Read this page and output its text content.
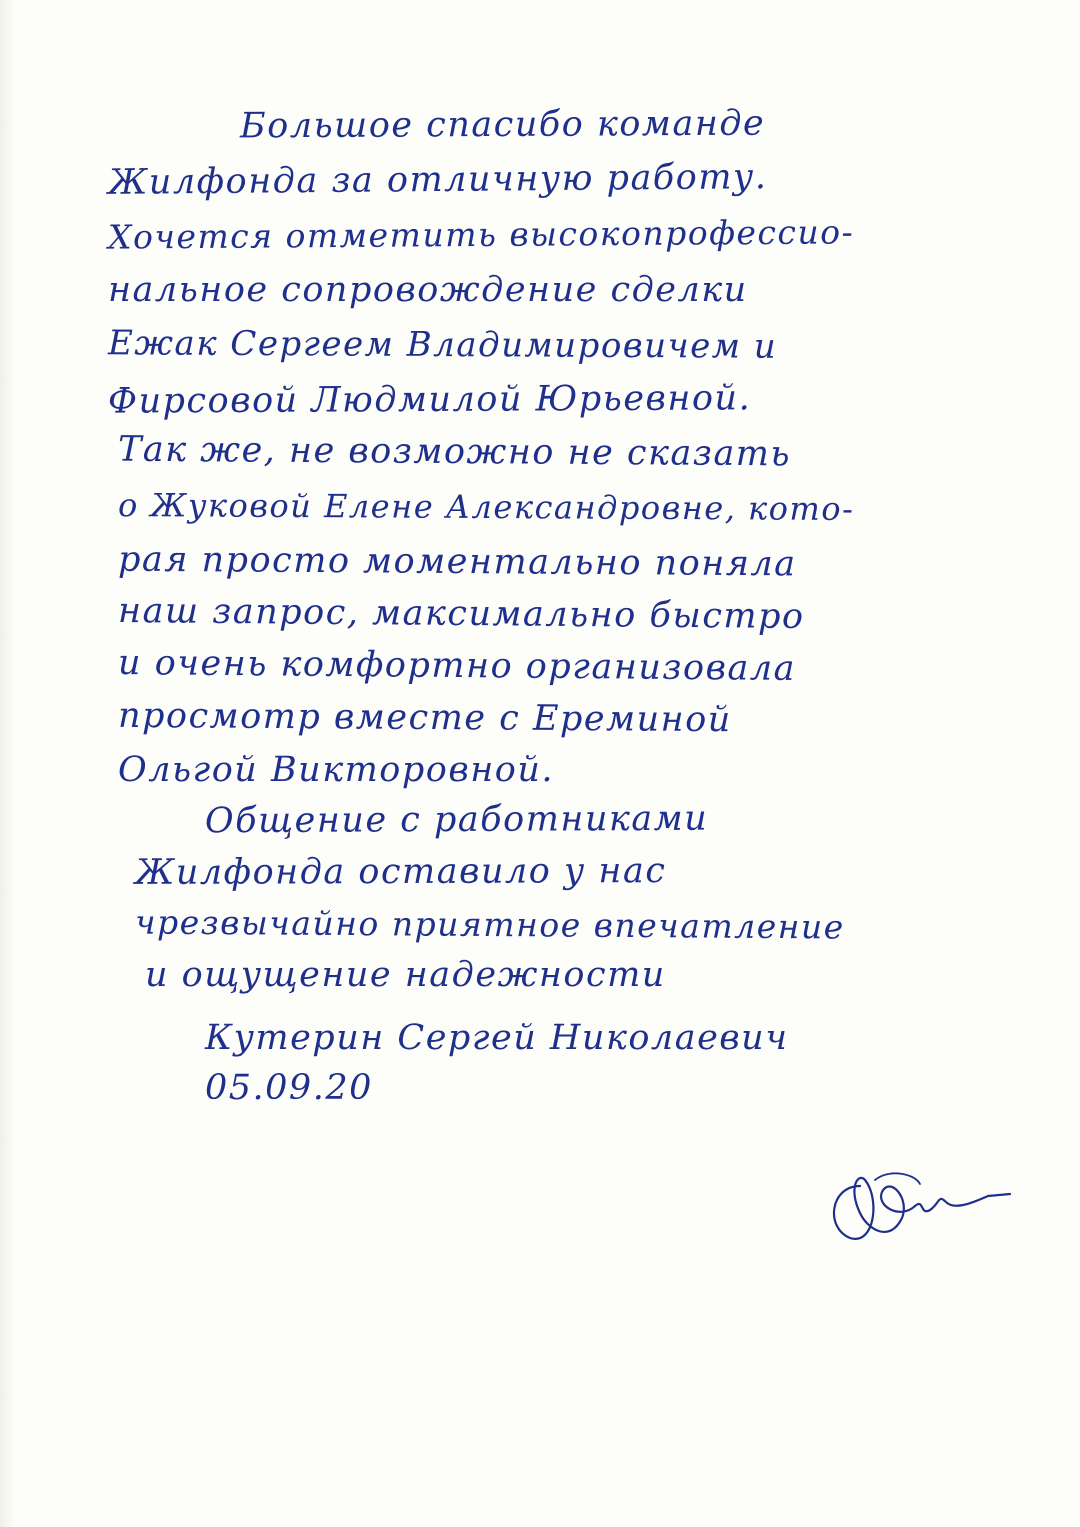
Большое спасибо команде
Жилфонда за отличную работу.
Хочется отметить высокопрофессио-
нальное сопровождение сделки
Ежак Сергеем Владимировичем и
Фирсовой Людмилой Юрьевной.
Так же, не возможно не сказать
о Жуковой Елене Александровне, кото-
рая просто моментально поняла
наш запрос, максимально быстро
и очень комфортно организовала
просмотр вместе с Ереминой
Ольгой Викторовной.
Общение с работниками
Жилфонда оставило у нас
чрезвычайно приятное впечатление
и ощущение надежности
Кутерин Сергей Николаевич
05.09.20
